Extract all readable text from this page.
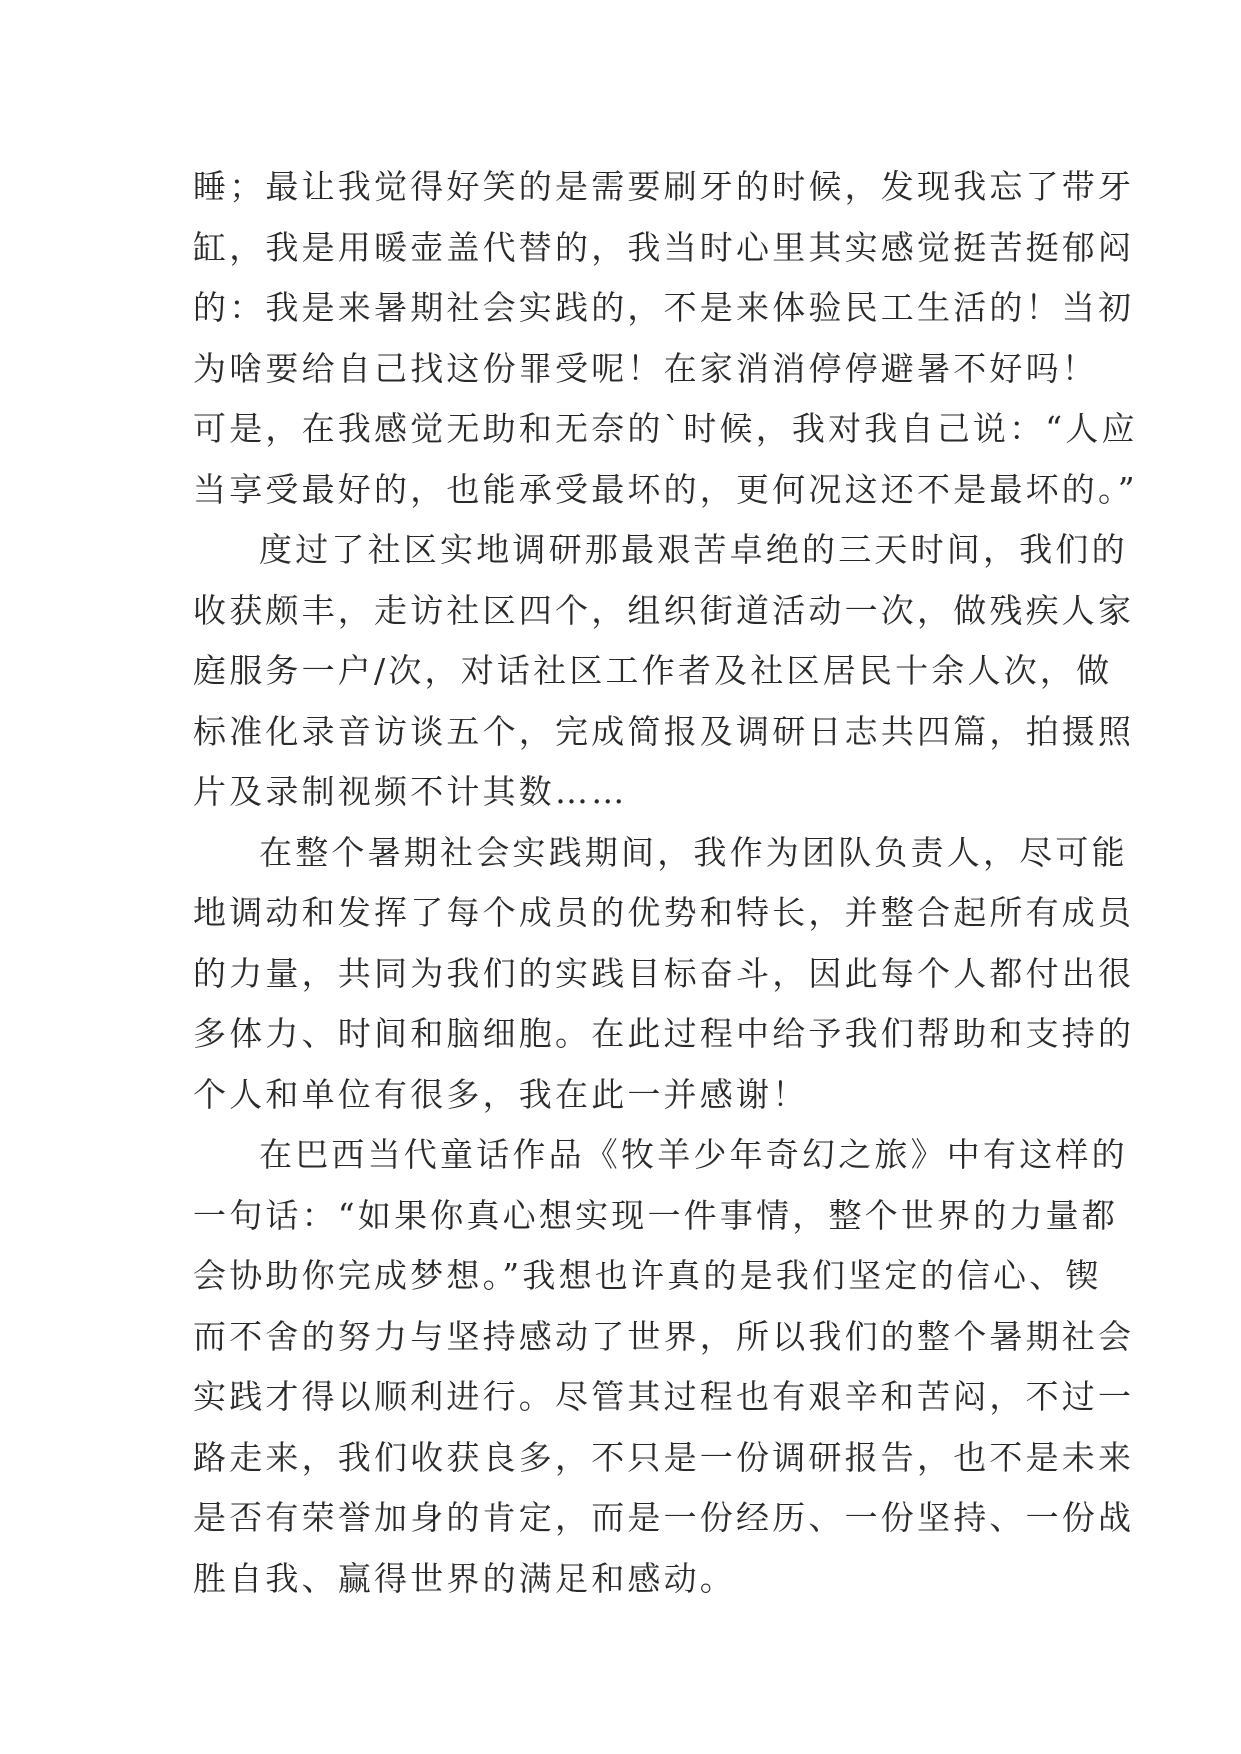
睡；最让我觉得好笑的是需要刷牙的时候，发现我忘了带牙
缸，我是用暖壶盖代替的，我当时心里其实感觉挺苦挺郁闷
的：我是来暑期社会实践的，不是来体验民工生活的！当初
为啥要给自己找这份罪受呢！在家消消停停避暑不好吗！
可是，在我感觉无助和无奈的`时候，我对我自己说：“人应
当享受最好的，也能承受最坏的，更何况这还不是最坏的。”
度过了社区实地调研那最艰苦卓绝的三天时间，我们的
收获颇丰，走访社区四个，组织街道活动一次，做残疾人家
庭服务一户/次，对话社区工作者及社区居民十余人次，做
标准化录音访谈五个，完成简报及调研日志共四篇，拍摄照
片及录制视频不计其数……
在整个暑期社会实践期间，我作为团队负责人，尽可能
地调动和发挥了每个成员的优势和特长，并整合起所有成员
的力量，共同为我们的实践目标奋斗，因此每个人都付出很
多体力、时间和脑细胞。在此过程中给予我们帮助和支持的
个人和单位有很多，我在此一并感谢！
在巴西当代童话作品《牧羊少年奇幻之旅》中有这样的
一句话：“如果你真心想实现一件事情，整个世界的力量都
会协助你完成梦想。”我想也许真的是我们坚定的信心、锲
而不舍的努力与坚持感动了世界，所以我们的整个暑期社会
实践才得以顺利进行。尽管其过程也有艰辛和苦闷，不过一
路走来，我们收获良多，不只是一份调研报告，也不是未来
是否有荣誉加身的肯定，而是一份经历、一份坚持、一份战
胜自我、赢得世界的满足和感动。
